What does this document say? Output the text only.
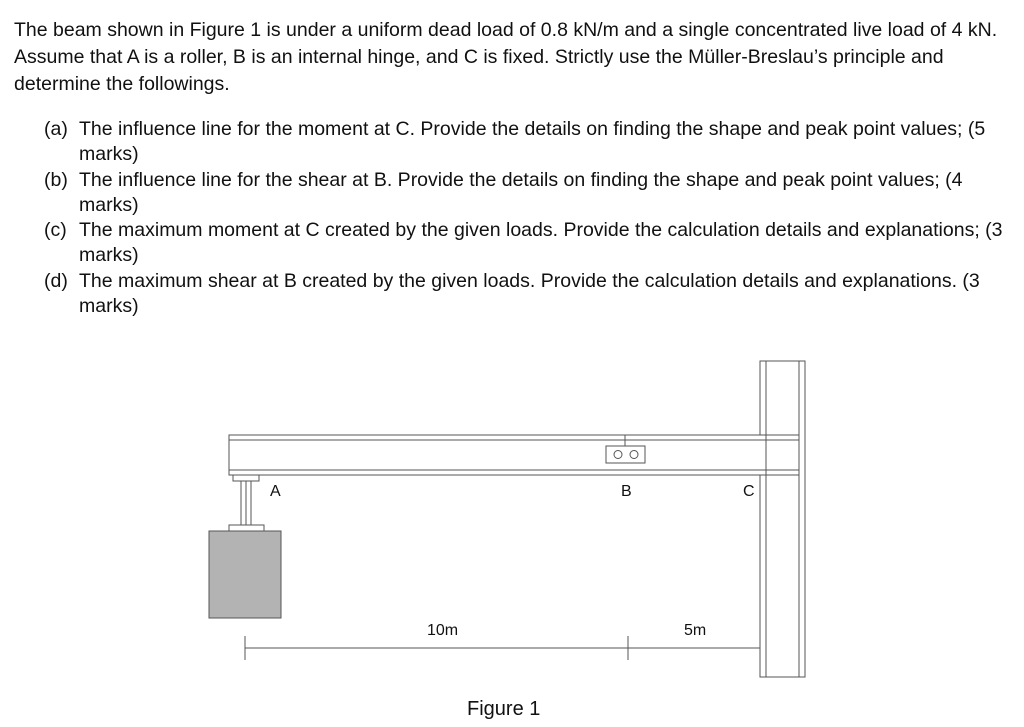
The beam shown in Figure 1 is under a uniform dead load of 0.8 kN/m and a single concentrated live load of 4 kN. Assume that A is a roller, B is an internal hinge, and C is fixed. Strictly use the Müller-Breslau’s principle and determine the followings.

(a) The influence line for the moment at C. Provide the details on finding the shape and peak point values; (5 marks)
(b) The influence line for the shear at B. Provide the details on finding the shape and peak point values; (4 marks)
(c) The maximum moment at C created by the given loads. Provide the calculation details and explanations; (3 marks)
(d) The maximum shear at B created by the given loads. Provide the calculation details and explanations. (3 marks)
A	B	C
10m	5m
Figure 1
